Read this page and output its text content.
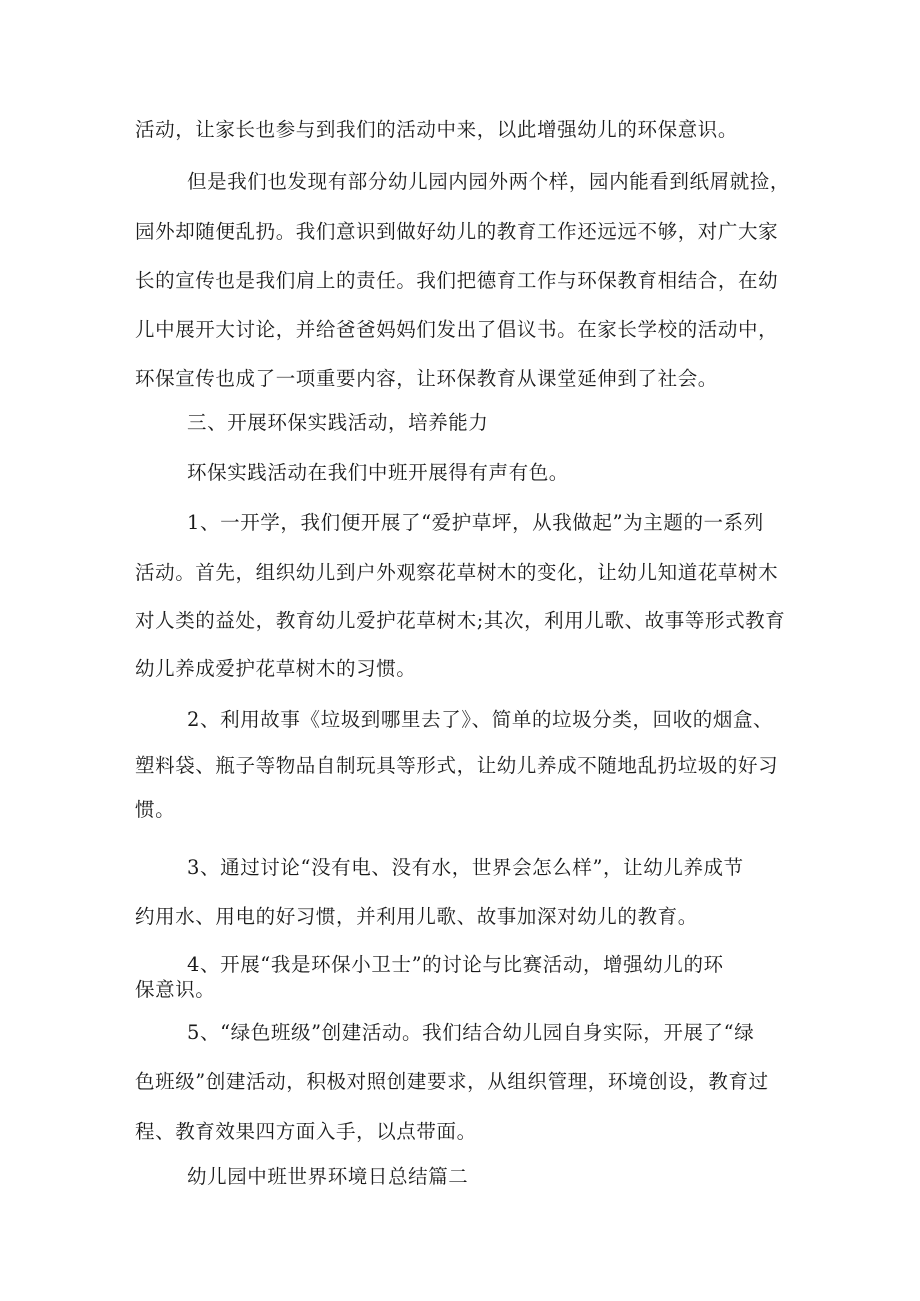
活动，让家长也参与到我们的活动中来，以此增强幼儿的环保意识。
但是我们也发现有部分幼儿园内园外两个样，园内能看到纸屑就捡，
园外却随便乱扔。我们意识到做好幼儿的教育工作还远远不够，对广大家
长的宣传也是我们肩上的责任。我们把德育工作与环保教育相结合，在幼
儿中展开大讨论，并给爸爸妈妈们发出了倡议书。在家长学校的活动中，
环保宣传也成了一项重要内容，让环保教育从课堂延伸到了社会。
三、开展环保实践活动，培养能力
环保实践活动在我们中班开展得有声有色。
1、一开学，我们便开展了“爱护草坪，从我做起”为主题的一系列
活动。首先，组织幼儿到户外观察花草树木的变化，让幼儿知道花草树木
对人类的益处，教育幼儿爱护花草树木;其次，利用儿歌、故事等形式教育
幼儿养成爱护花草树木的习惯。
2、利用故事《垃圾到哪里去了》、简单的垃圾分类，回收的烟盒、
塑料袋、瓶子等物品自制玩具等形式，让幼儿养成不随地乱扔垃圾的好习
惯。
3、通过讨论“没有电、没有水，世界会怎么样”，让幼儿养成节
约用水、用电的好习惯，并利用儿歌、故事加深对幼儿的教育。
4、开展“我是环保小卫士”的讨论与比赛活动，增强幼儿的环
保意识。
5、“绿色班级”创建活动。我们结合幼儿园自身实际，开展了“绿
色班级”创建活动，积极对照创建要求，从组织管理，环境创设，教育过
程、教育效果四方面入手，以点带面。
幼儿园中班世界环境日总结篇二
